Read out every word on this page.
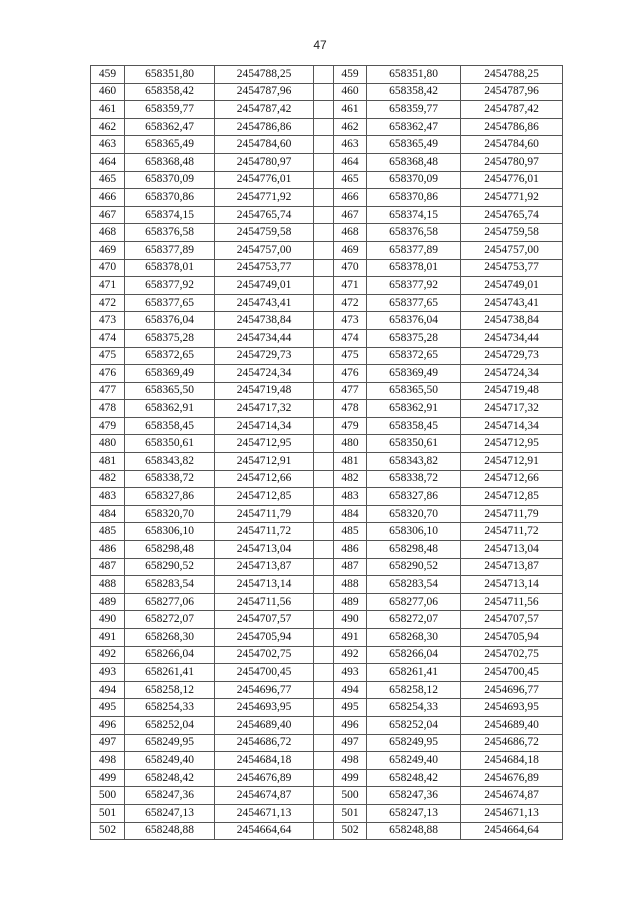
47
459	658351,80	2454788,25		459	658351,80	2454788,25
460	658358,42	2454787,96		460	658358,42	2454787,96
461	658359,77	2454787,42		461	658359,77	2454787,42
462	658362,47	2454786,86		462	658362,47	2454786,86
463	658365,49	2454784,60		463	658365,49	2454784,60
464	658368,48	2454780,97		464	658368,48	2454780,97
465	658370,09	2454776,01		465	658370,09	2454776,01
466	658370,86	2454771,92		466	658370,86	2454771,92
467	658374,15	2454765,74		467	658374,15	2454765,74
468	658376,58	2454759,58		468	658376,58	2454759,58
469	658377,89	2454757,00		469	658377,89	2454757,00
470	658378,01	2454753,77		470	658378,01	2454753,77
471	658377,92	2454749,01		471	658377,92	2454749,01
472	658377,65	2454743,41		472	658377,65	2454743,41
473	658376,04	2454738,84		473	658376,04	2454738,84
474	658375,28	2454734,44		474	658375,28	2454734,44
475	658372,65	2454729,73		475	658372,65	2454729,73
476	658369,49	2454724,34		476	658369,49	2454724,34
477	658365,50	2454719,48		477	658365,50	2454719,48
478	658362,91	2454717,32		478	658362,91	2454717,32
479	658358,45	2454714,34		479	658358,45	2454714,34
480	658350,61	2454712,95		480	658350,61	2454712,95
481	658343,82	2454712,91		481	658343,82	2454712,91
482	658338,72	2454712,66		482	658338,72	2454712,66
483	658327,86	2454712,85		483	658327,86	2454712,85
484	658320,70	2454711,79		484	658320,70	2454711,79
485	658306,10	2454711,72		485	658306,10	2454711,72
486	658298,48	2454713,04		486	658298,48	2454713,04
487	658290,52	2454713,87		487	658290,52	2454713,87
488	658283,54	2454713,14		488	658283,54	2454713,14
489	658277,06	2454711,56		489	658277,06	2454711,56
490	658272,07	2454707,57		490	658272,07	2454707,57
491	658268,30	2454705,94		491	658268,30	2454705,94
492	658266,04	2454702,75		492	658266,04	2454702,75
493	658261,41	2454700,45		493	658261,41	2454700,45
494	658258,12	2454696,77		494	658258,12	2454696,77
495	658254,33	2454693,95		495	658254,33	2454693,95
496	658252,04	2454689,40		496	658252,04	2454689,40
497	658249,95	2454686,72		497	658249,95	2454686,72
498	658249,40	2454684,18		498	658249,40	2454684,18
499	658248,42	2454676,89		499	658248,42	2454676,89
500	658247,36	2454674,87		500	658247,36	2454674,87
501	658247,13	2454671,13		501	658247,13	2454671,13
502	658248,88	2454664,64		502	658248,88	2454664,64
